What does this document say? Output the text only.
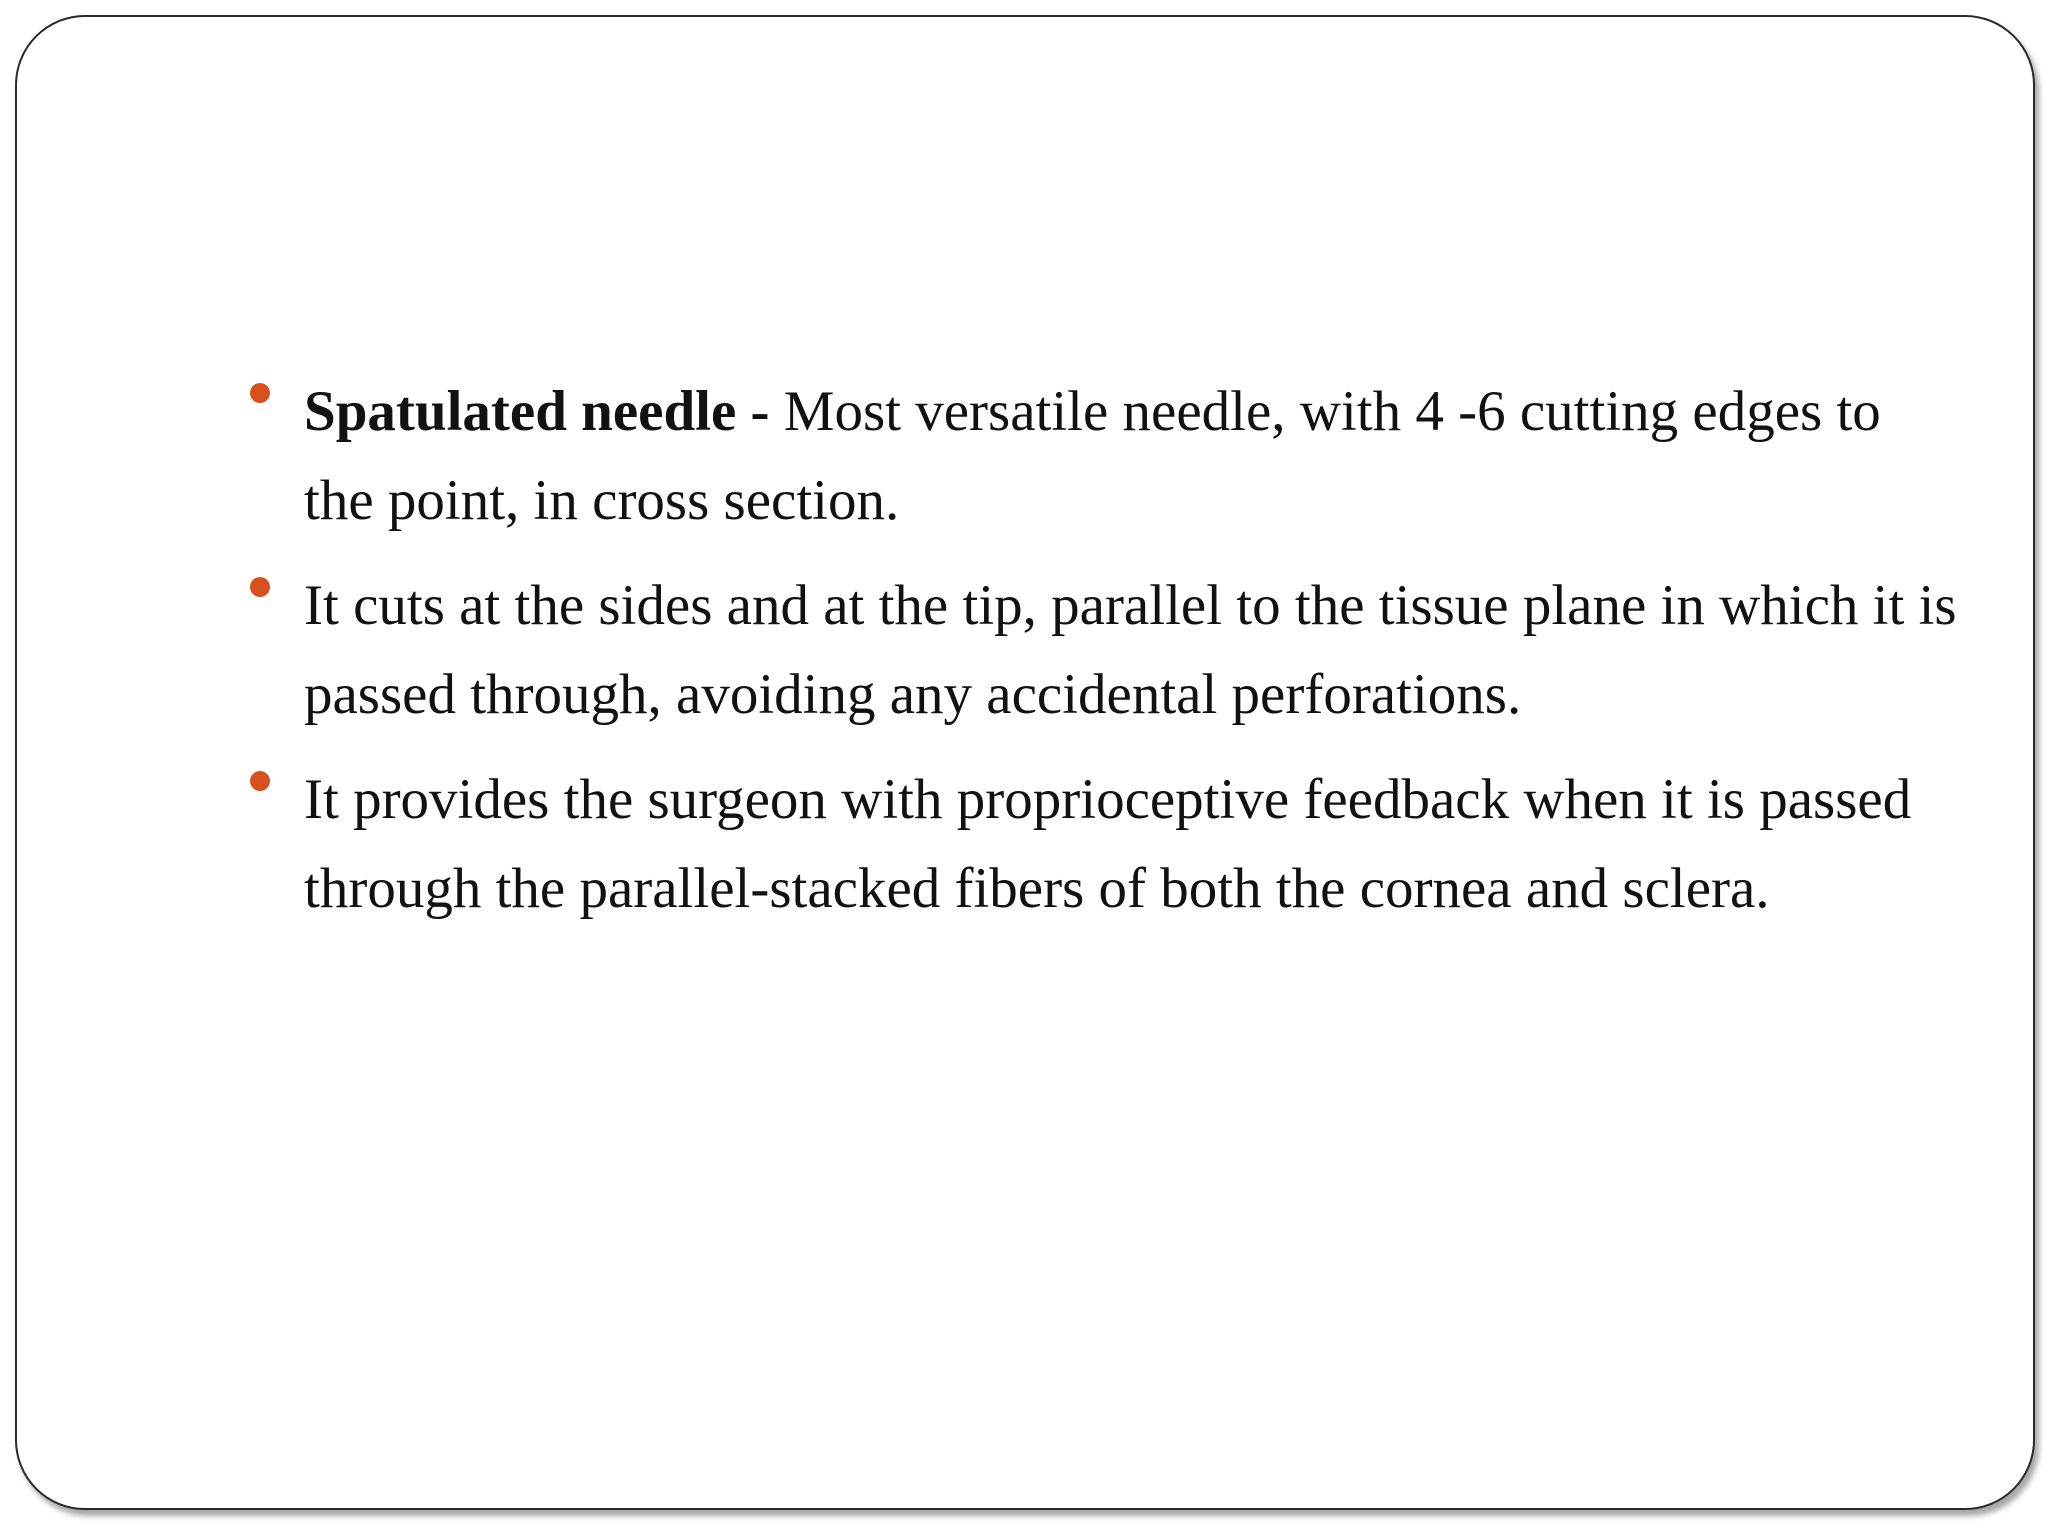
Spatulated needle - Most versatile needle, with 4 -6 cutting edges to the point, in cross section.
It cuts at the sides and at the tip, parallel to the tissue plane in which it is passed through, avoiding any accidental perforations.
It provides the surgeon with proprioceptive feedback when it is passed through the parallel-stacked fibers of both the cornea and sclera.
